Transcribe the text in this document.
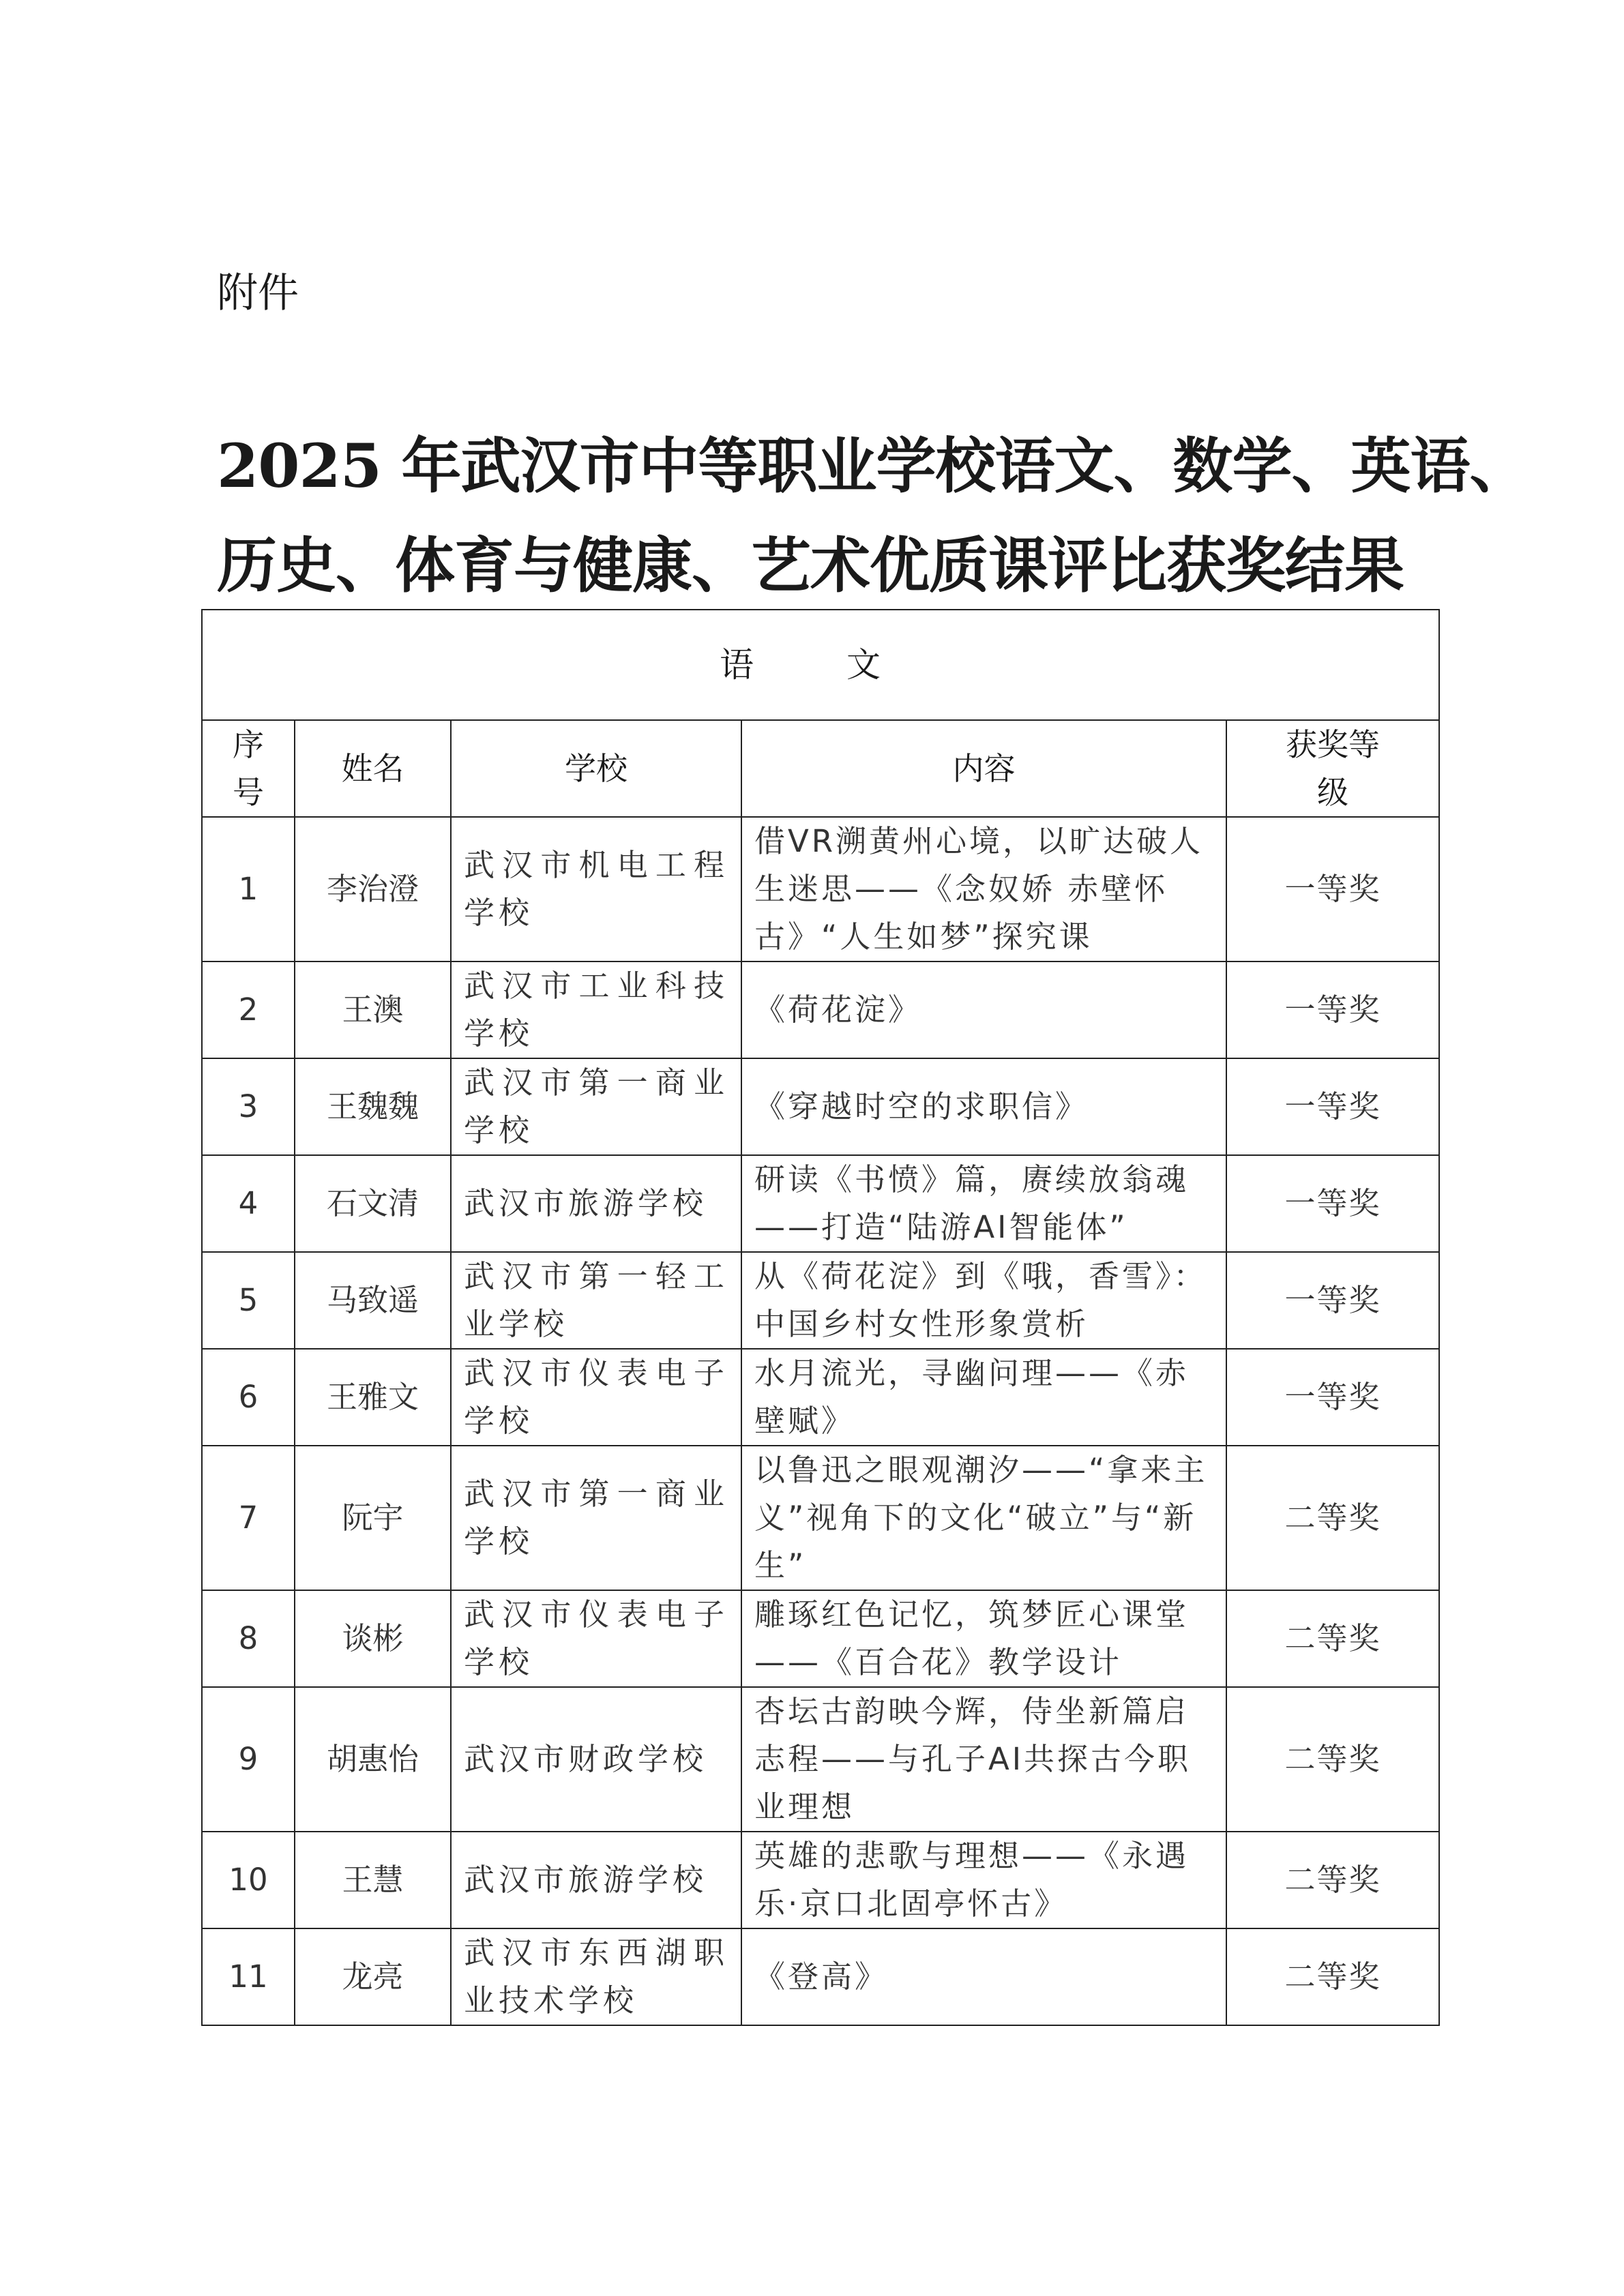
附件
2025 年武汉市中等职业学校语文、数学、英语、
历史、体育与健康、艺术优质课评比获奖结果
语 文				
序号	姓名	学校	内容	获奖等级
1	李治澄	武汉市机电工程学校	借VR溯黄州心境，以旷达破人生迷思——《念奴娇 赤壁怀古》“人生如梦”探究课	一等奖
2	王澳	武汉市工业科技学校	《荷花淀》	一等奖
3	王魏魏	武汉市第一商业学校	《穿越时空的求职信》	一等奖
4	石文清	武汉市旅游学校	研读《书愤》篇，赓续放翁魂——打造“陆游AI智能体”	一等奖
5	马致遥	武汉市第一轻工业学校	从《荷花淀》到《哦，香雪》：中国乡村女性形象赏析	一等奖
6	王雅文	武汉市仪表电子学校	水月流光，寻幽问理——《赤壁赋》	一等奖
7	阮宇	武汉市第一商业学校	以鲁迅之眼观潮汐——“拿来主义”视角下的文化“破立”与“新生”	二等奖
8	谈彬	武汉市仪表电子学校	雕琢红色记忆，筑梦匠心课堂——《百合花》教学设计	二等奖
9	胡惠怡	武汉市财政学校	杏坛古韵映今辉，侍坐新篇启志程——与孔子AI共探古今职业理想	二等奖
10	王慧	武汉市旅游学校	英雄的悲歌与理想——《永遇乐·京口北固亭怀古》	二等奖
11	龙亮	武汉市东西湖职业技术学校	《登高》	二等奖
